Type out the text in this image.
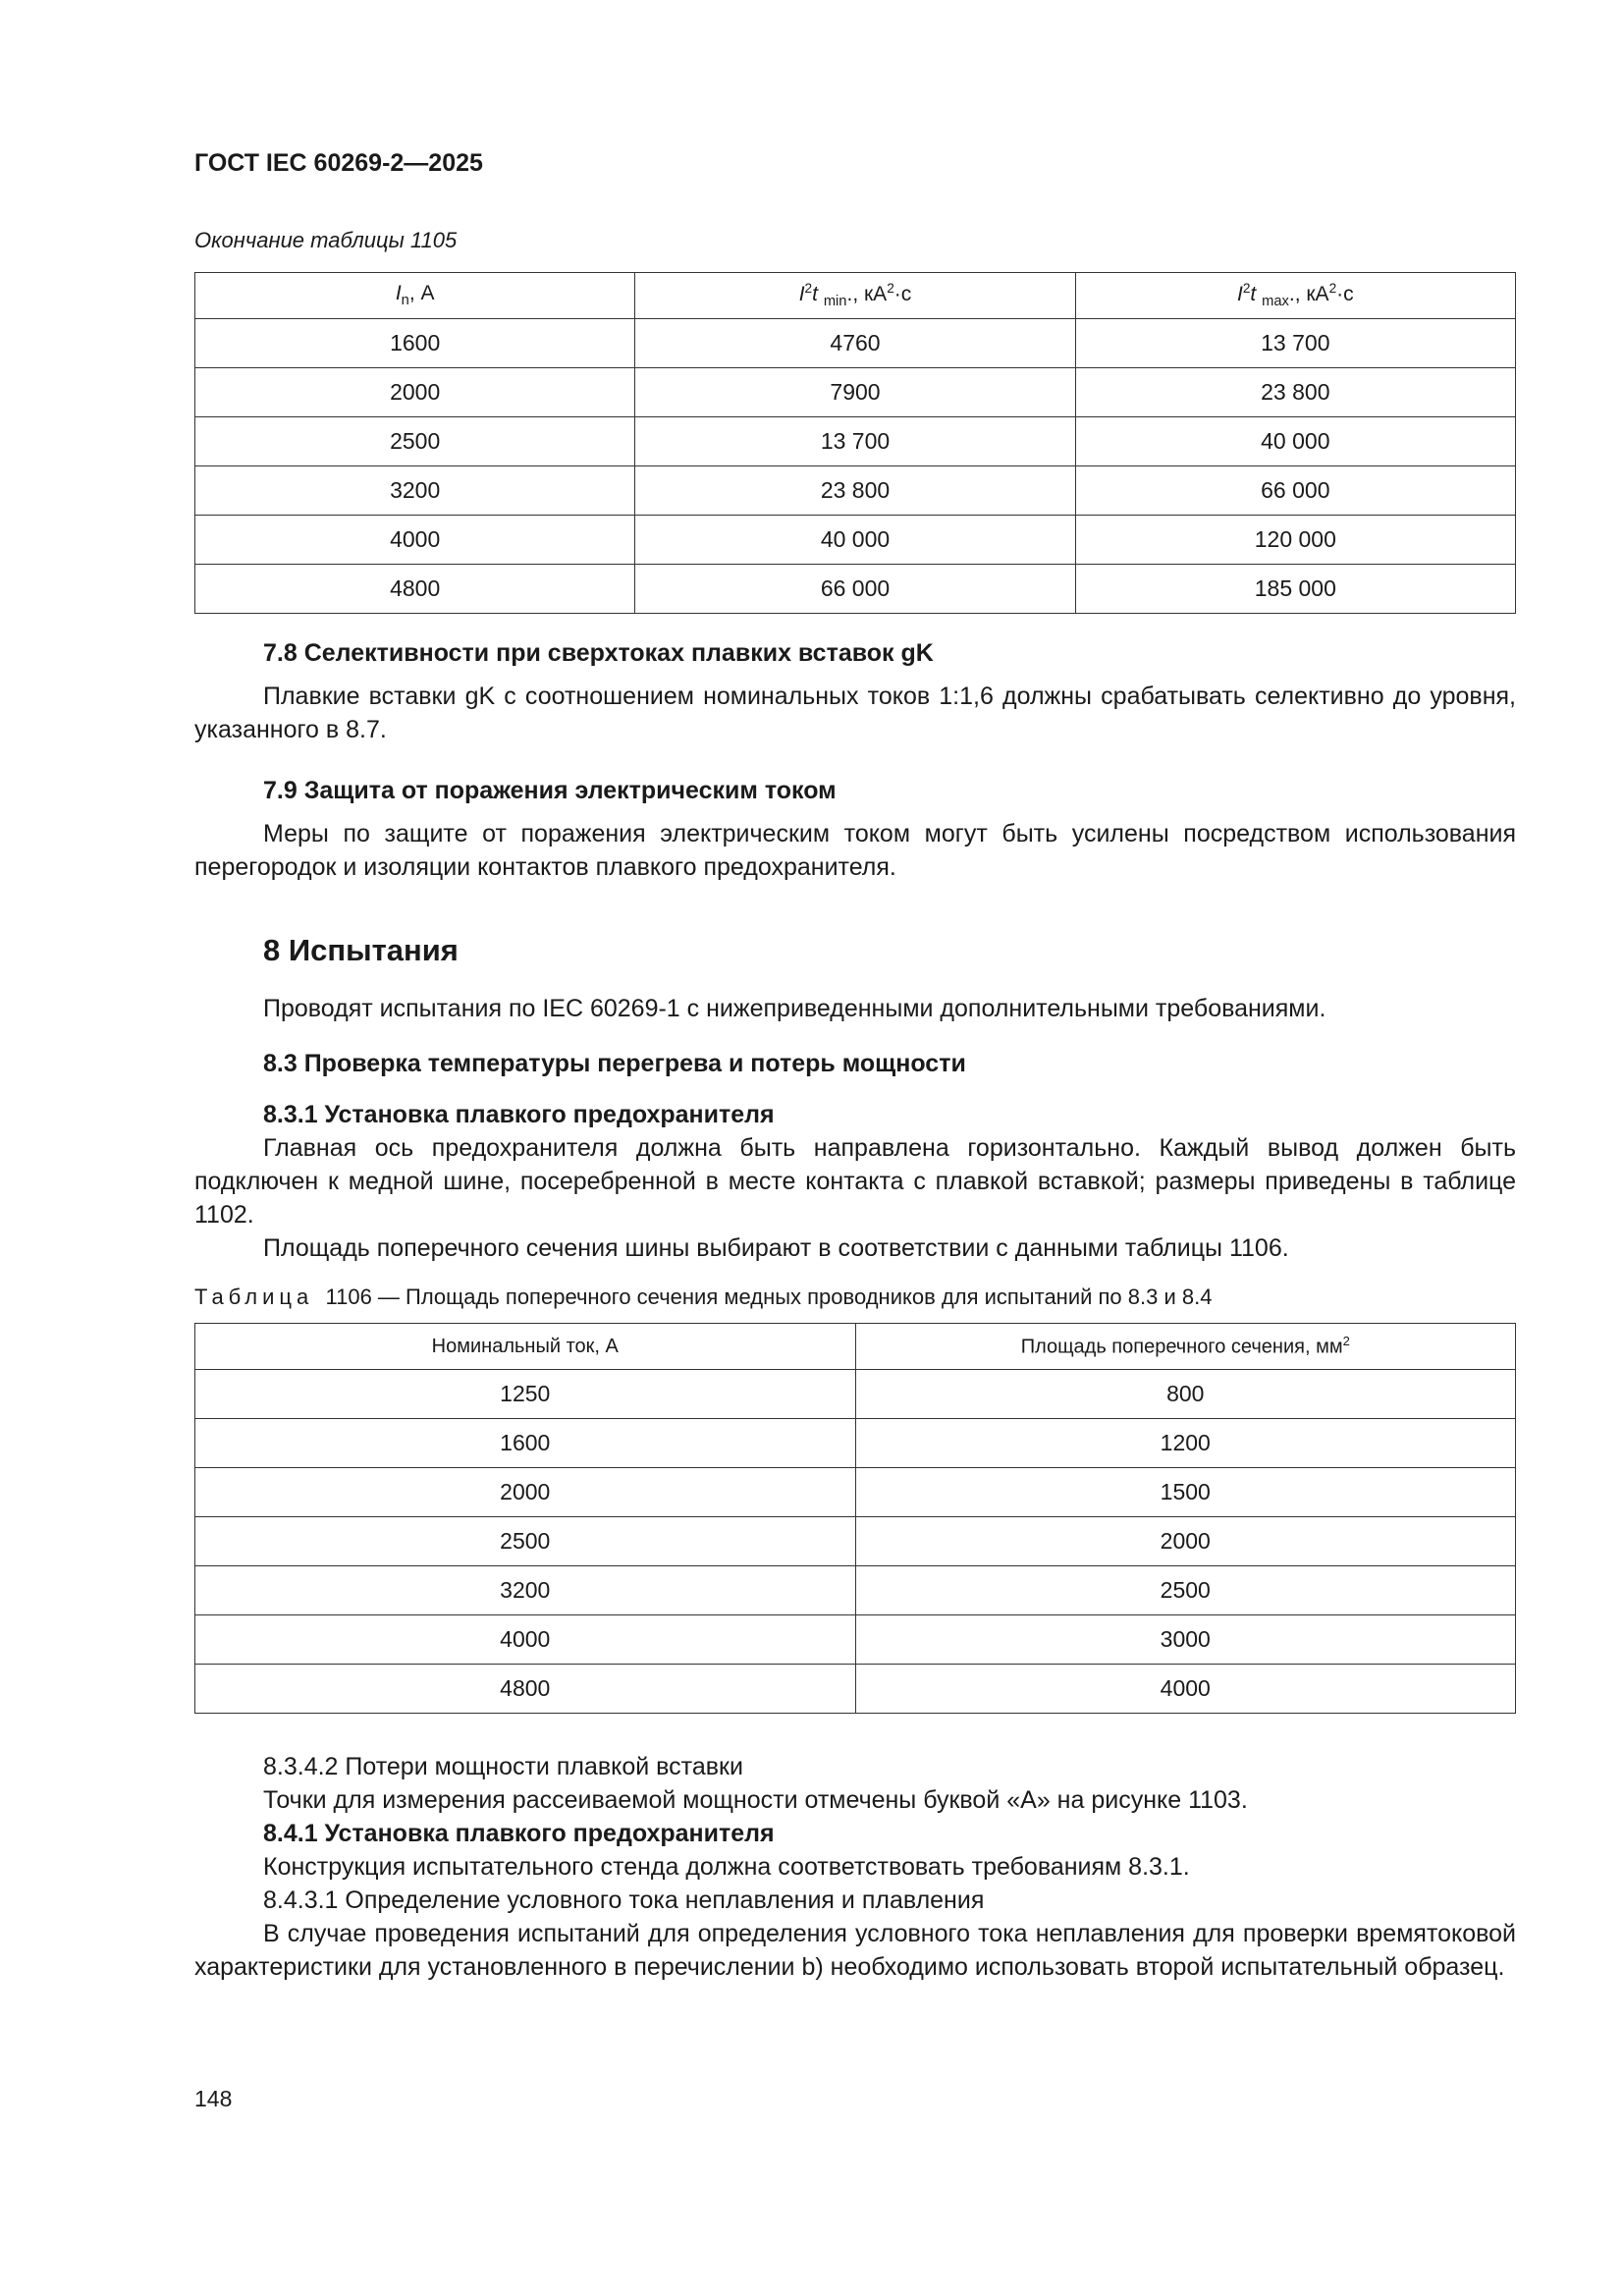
ГОСТ IEC 60269-2—2025
Окончание таблицы 1105
$I_n$, А	$I^2t$ $_{min}$., $кА^2\cdot с$	$I^2t$ $_{max}$., $кА^2\cdot с$
1600	4760	13 700
2000	7900	23 800
2500	13 700	40 000
3200	23 800	66 000
4000	40 000	120 000
4800	66 000	185 000
7.8 Селективности при сверхтоках плавких вставок gK
Плавкие вставки gK с соотношением номинальных токов 1:1,6 должны срабатывать селективно до уровня, указанного в 8.7.
7.9 Защита от поражения электрическим током
Меры по защите от поражения электрическим током могут быть усилены посредством использования перегородок и изоляции контактов плавкого предохранителя.
8 Испытания
Проводят испытания по IEC 60269-1 с нижеприведенными дополнительными требованиями.
8.3 Проверка температуры перегрева и потерь мощности
8.3.1 Установка плавкого предохранителя
Главная ось предохранителя должна быть направлена горизонтально. Каждый вывод должен быть подключен к медной шине, посеребренной в месте контакта с плавкой вставкой; размеры приведены в таблице 1102.
Площадь поперечного сечения шины выбирают в соответствии с данными таблицы 1106.
Таблица 1106 — Площадь поперечного сечения медных проводников для испытаний по 8.3 и 8.4
Номинальный ток, А	Площадь поперечного сечения, $мм^2$
1250	800
1600	1200
2000	1500
2500	2000
3200	2500
4000	3000
4800	4000
8.3.4.2 Потери мощности плавкой вставки
Точки для измерения рассеиваемой мощности отмечены буквой «А» на рисунке 1103.
8.4.1 Установка плавкого предохранителя
Конструкция испытательного стенда должна соответствовать требованиям 8.3.1.
8.4.3.1 Определение условного тока неплавления и плавления
В случае проведения испытаний для определения условного тока неплавления для проверки времятоковой характеристики для установленного в перечислении b) необходимо использовать второй испытательный образец.
148
